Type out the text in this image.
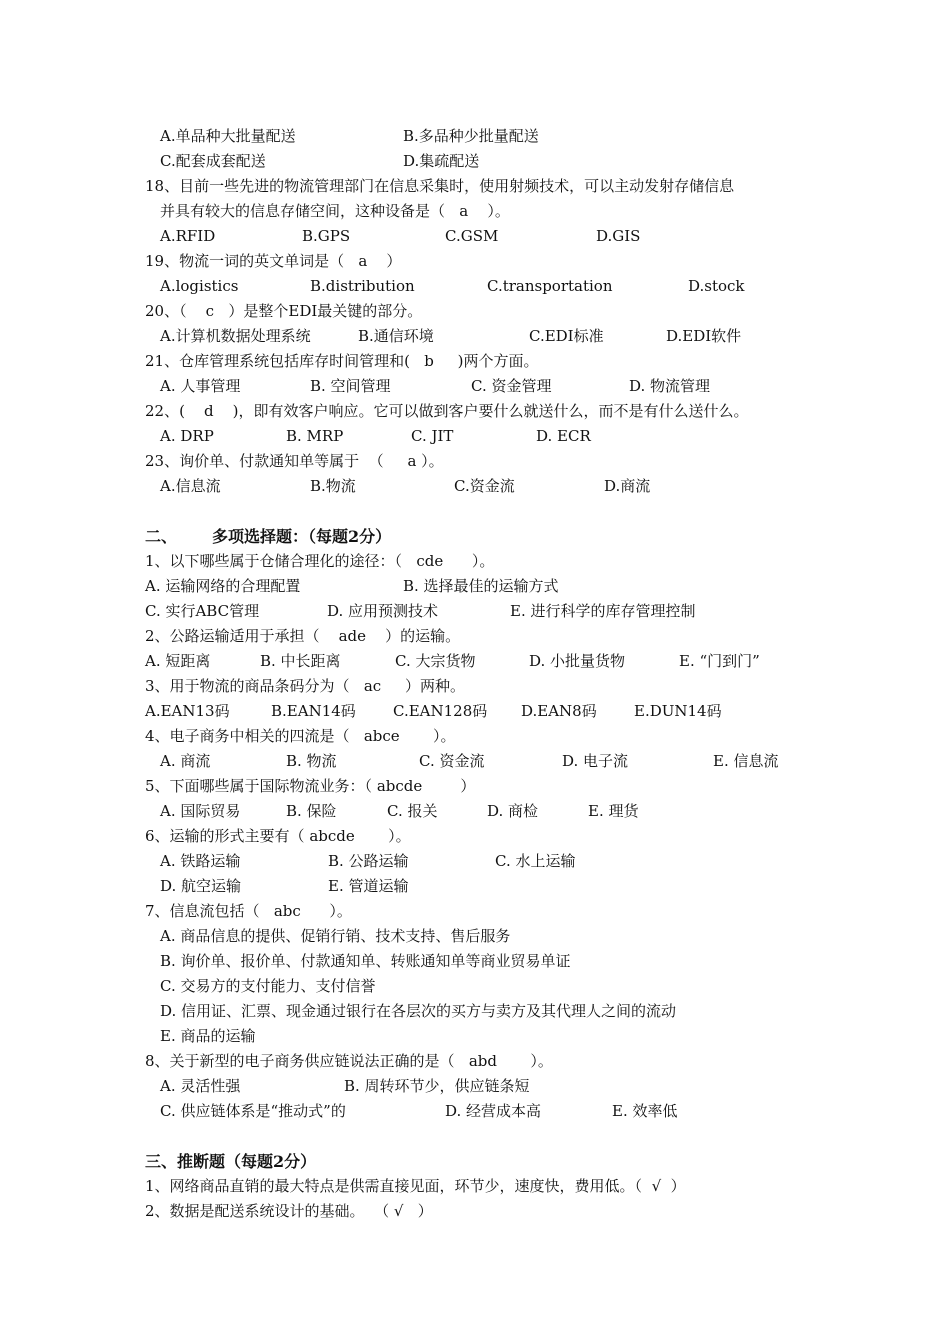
A.单品种大批量配送	B.多品种少批量配送
C.配套成套配送	D.集疏配送
18、目前一些先进的物流管理部门在信息采集时，使用射频技术，可以主动发射存储信息
并具有较大的信息存储空间，这种设备是（   a    ）。
A.RFID	B.GPS	C.GSM	D.GIS
19、物流一词的英文单词是（   a    ）
A.logistics	B.distribution	C.transportation	D.stock
20、（    c   ）是整个EDI最关键的部分。
A.计算机数据处理系统	B.通信环境	C.EDI标准	D.EDI软件
21、仓库管理系统包括库存时间管理和(   b     )两个方面。
A. 人事管理	B. 空间管理	C. 资金管理	D. 物流管理
22、(    d    )，即有效客户响应。它可以做到客户要什么就送什么，而不是有什么送什么。
A. DRP	B. MRP	C. JIT	D. ECR
23、询价单、付款通知单等属于  （     a ）。
A.信息流	B.物流	C.资金流	D.商流
二、 多项选择题：（每题2分）
1、以下哪些属于仓储合理化的途径：（   cde      ）。
A. 运输网络的合理配置	B. 选择最佳的运输方式
C. 实行ABC管理	D. 应用预测技术	E. 进行科学的库存管理控制
2、公路运输适用于承担（    ade    ）的运输。
A. 短距离	B. 中长距离	C. 大宗货物	D. 小批量货物	E. “门到门”
3、用于物流的商品条码分为（   ac     ）两种。
A.EAN13码	B.EAN14码 C.EAN128码 D.EAN8码 E.DUN14码
4、电子商务中相关的四流是（   abce       ）。
A. 商流	B. 物流	C. 资金流	D. 电子流	E. 信息流
5、下面哪些属于国际物流业务：（ abcde        ）
A. 国际贸易	B. 保险	C. 报关	D. 商检	E. 理货
6、运输的形式主要有（ abcde       ）。
A. 铁路运输	B. 公路运输	C. 水上运输
D. 航空运输	E. 管道运输
7、信息流包括（   abc      ）。
A. 商品信息的提供、促销行销、技术支持、售后服务
B. 询价单、报价单、付款通知单、转账通知单等商业贸易单证
C. 交易方的支付能力、支付信誉
D. 信用证、汇票、现金通过银行在各层次的买方与卖方及其代理人之间的流动
E. 商品的运输
8、关于新型的电子商务供应链说法正确的是（   abd       ）。
A. 灵活性强	B. 周转环节少，供应链条短
C. 供应链体系是“推动式”的	D. 经营成本高	E. 效率低
三、推断题（每题2分）
1、网络商品直销的最大特点是供需直接见面，环节少，速度快，费用低。（  √  ）
2、数据是配送系统设计的基础。  （ √   ）
